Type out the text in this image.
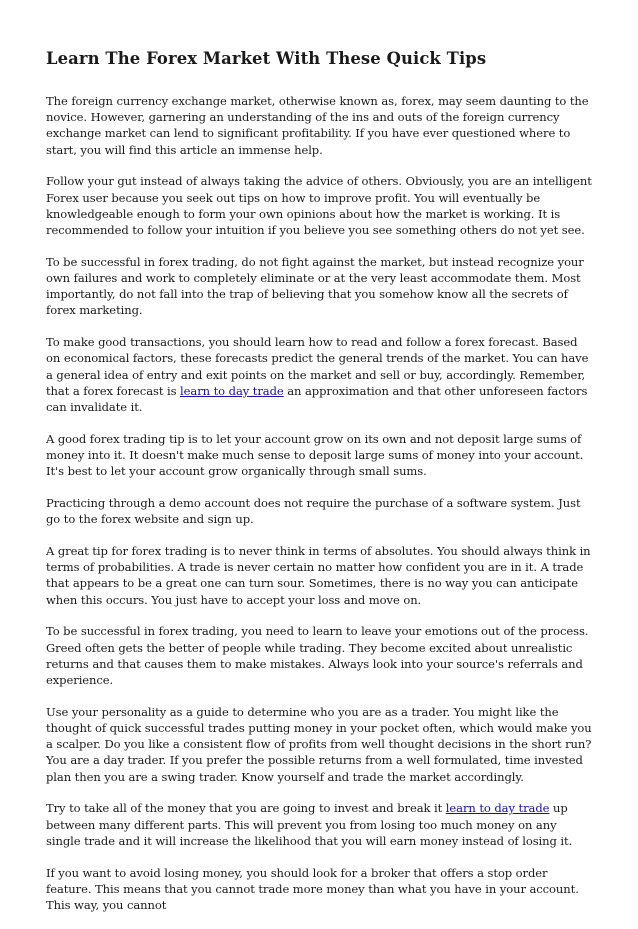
Learn The Forex Market With These Quick Tips

The foreign currency exchange market, otherwise known as, forex, may seem daunting to the novice. However, garnering an understanding of the ins and outs of the foreign currency exchange market can lend to significant profitability. If you have ever questioned where to start, you will find this article an immense help.

Follow your gut instead of always taking the advice of others. Obviously, you are an intelligent Forex user because you seek out tips on how to improve profit. You will eventually be knowledgeable enough to form your own opinions about how the market is working. It is recommended to follow your intuition if you believe you see something others do not yet see.

To be successful in forex trading, do not fight against the market, but instead recognize your own failures and work to completely eliminate or at the very least accommodate them. Most importantly, do not fall into the trap of believing that you somehow know all the secrets of forex marketing.

To make good transactions, you should learn how to read and follow a forex forecast. Based on economical factors, these forecasts predict the general trends of the market. You can have a general idea of entry and exit points on the market and sell or buy, accordingly. Remember, that a forex forecast is learn to day trade an approximation and that other unforeseen factors can invalidate it.

A good forex trading tip is to let your account grow on its own and not deposit large sums of money into it. It doesn't make much sense to deposit large sums of money into your account. It's best to let your account grow organically through small sums.

Practicing through a demo account does not require the purchase of a software system. Just go to the forex website and sign up.

A great tip for forex trading is to never think in terms of absolutes. You should always think in terms of probabilities. A trade is never certain no matter how confident you are in it. A trade that appears to be a great one can turn sour. Sometimes, there is no way you can anticipate when this occurs. You just have to accept your loss and move on.

To be successful in forex trading, you need to learn to leave your emotions out of the process. Greed often gets the better of people while trading. They become excited about unrealistic returns and that causes them to make mistakes. Always look into your source's referrals and experience.

Use your personality as a guide to determine who you are as a trader. You might like the thought of quick successful trades putting money in your pocket often, which would make you a scalper. Do you like a consistent flow of profits from well thought decisions in the short run? You are a day trader. If you prefer the possible returns from a well formulated, time invested plan then you are a swing trader. Know yourself and trade the market accordingly.

Try to take all of the money that you are going to invest and break it learn to day trade up between many different parts. This will prevent you from losing too much money on any single trade and it will increase the likelihood that you will earn money instead of losing it.

If you want to avoid losing money, you should look for a broker that offers a stop order feature. This means that you cannot trade more money than what you have in your account. This way, you cannot
